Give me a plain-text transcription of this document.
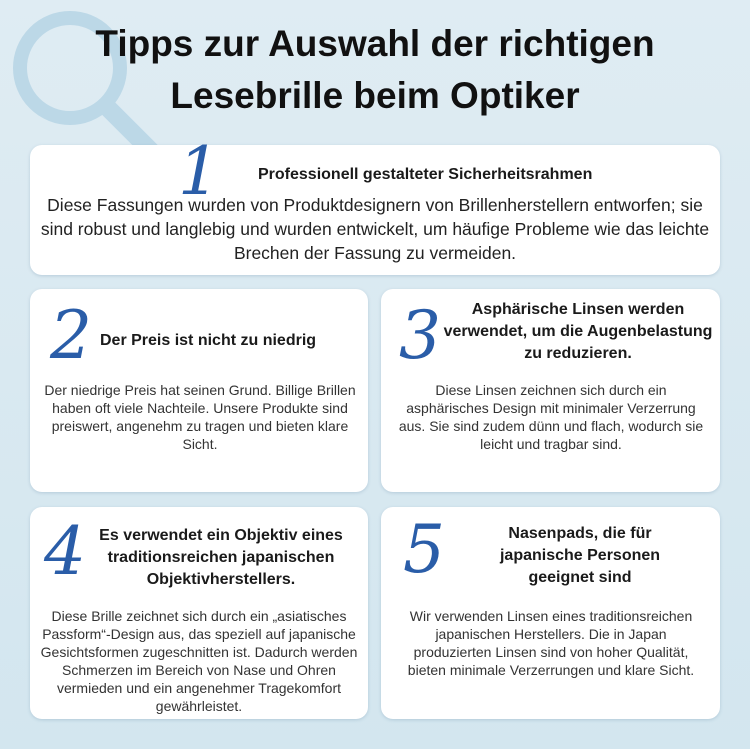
Tipps zur Auswahl der richtigen
Lesebrille beim Optiker
1 Professionell gestalteter Sicherheitsrahmen
Diese Fassungen wurden von Produktdesignern von Brillenherstellern entworfen; sie sind robust und langlebig und wurden entwickelt, um häufige Probleme wie das leichte Brechen der Fassung zu vermeiden.
2 Der Preis ist nicht zu niedrig
Der niedrige Preis hat seinen Grund. Billige Brillen haben oft viele Nachteile. Unsere Produkte sind preiswert, angenehm zu tragen und bieten klare Sicht.
3	Asphärische Linsen werden verwendet, um die Augenbelastung zu reduzieren.
Diese Linsen zeichnen sich durch ein asphärisches Design mit minimaler Verzerrung aus. Sie sind zudem dünn und flach, wodurch sie leicht und tragbar sind.
4 Es verwendet ein Objektiv eines traditionsreichen japanischen Objektivherstellers.
Diese Brille zeichnet sich durch ein „asiatisches Passform“-Design aus, das speziell auf japanische Gesichtsformen zugeschnitten ist. Dadurch werden Schmerzen im Bereich von Nase und Ohren vermieden und ein angenehmer Tragekomfort gewährleistet.
5	Nasenpads, die für japanische Personen geeignet sind
Wir verwenden Linsen eines traditionsreichen japanischen Herstellers. Die in Japan produzierten Linsen sind von hoher Qualität, bieten minimale Verzerrungen und klare Sicht.
